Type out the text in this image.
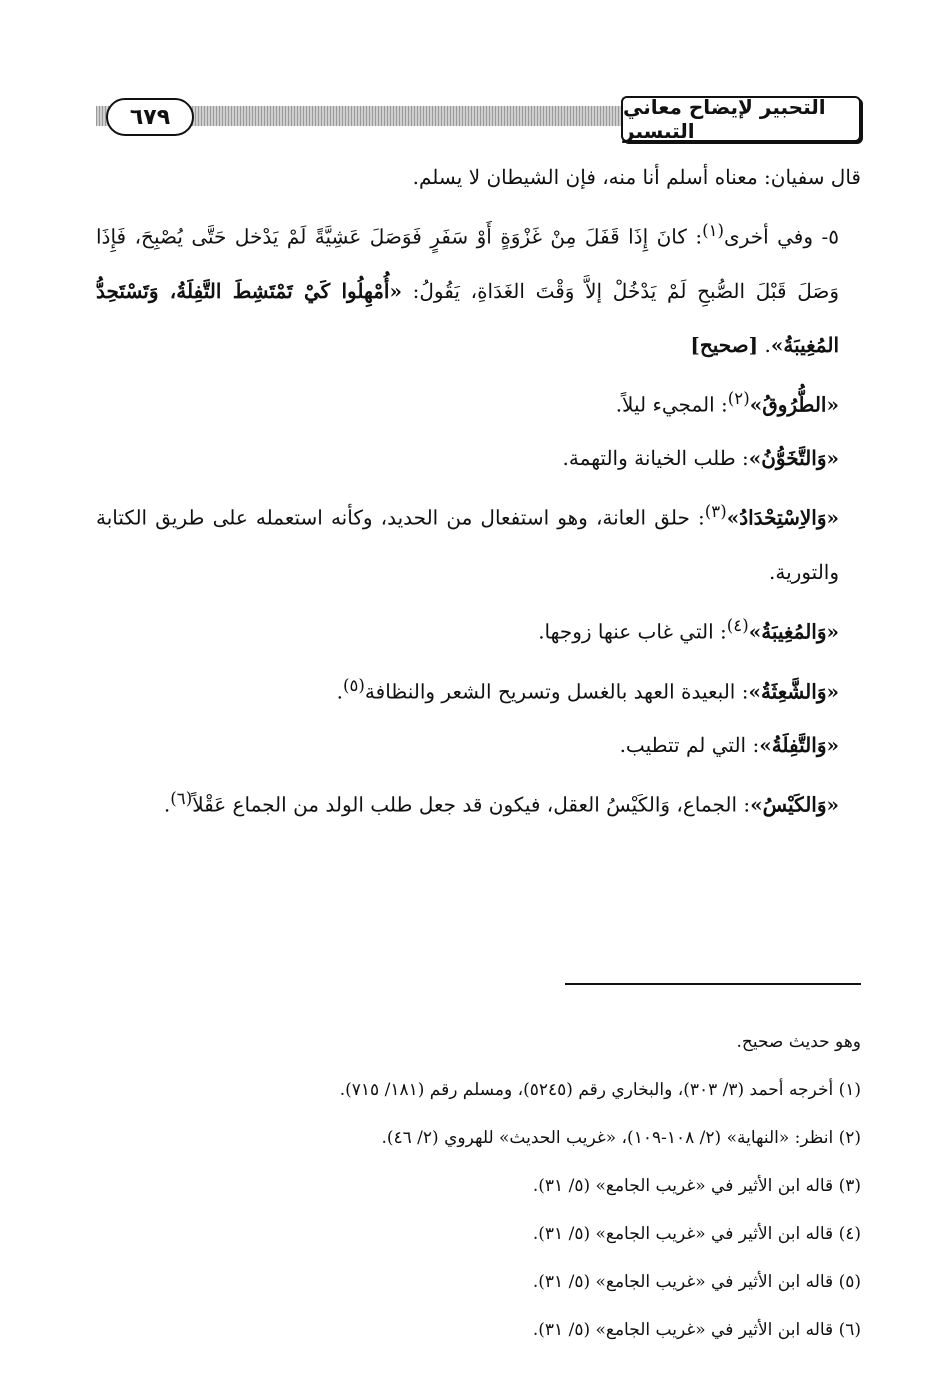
٦٧٩	التحبير لإيضاح معاني التيسير

قال سفيان: معناه أسلم أنا منه، فإن الشيطان لا يسلم.

٥- وفي أخرى$^{(١)}$: كانَ إِذَا قَفَلَ مِنْ غَزْوَةٍ أَوْ سَفَرٍ فَوَصَلَ عَشِيَّةً لَمْ يَدْخل حَتَّى يُصْبِحَ، فَإِذَا وَصَلَ قَبْلَ الصُّبحِ لَمْ يَدْخُلْ إلاَّ وَقْتَ الغَدَاةِ، يَقُولُ: «أُمْهِلُوا كَيْ تَمْتَشِطَ التَّفِلَةُ، وَتَسْتَحِدُّ المُغِيبَةُ». [صحيح]

«الطُّرُوقُ»$^{(٢)}$: المجيء ليلاً.

«وَالتَّخَوُّنُ»: طلب الخيانة والتهمة.

«وَالاِسْتِحْدَادُ»$^{(٣)}$: حلق العانة، وهو استفعال من الحديد، وكأنه استعمله على طريق الكتابة والتورية.

«وَالمُغِيبَةُ»$^{(٤)}$: التي غاب عنها زوجها.

«وَالشَّعِثَةُ»: البعيدة العهد بالغسل وتسريح الشعر والنظافة$^{(٥)}$.

«وَالتَّفِلَةُ»: التي لم تتطيب.

«وَالكَيْسُ»: الجماع، وَالكَيْسُ العقل، فيكون قد جعل طلب الولد من الجماع عَقْلاً$^{(٦)}$.

وهو حديث صحيح.

(١) أخرجه أحمد (٣/ ٣٠٣)، والبخاري رقم (٥٢٤٥)، ومسلم رقم (١٨١/ ٧١٥).

(٢) انظر: «النهاية» (٢/ ١٠٨-١٠٩)، «غريب الحديث» للهروي (٢/ ٤٦).

(٣) قاله ابن الأثير في «غريب الجامع» (٥/ ٣١).

(٤) قاله ابن الأثير في «غريب الجامع» (٥/ ٣١).

(٥) قاله ابن الأثير في «غريب الجامع» (٥/ ٣١).

(٦) قاله ابن الأثير في «غريب الجامع» (٥/ ٣١).
